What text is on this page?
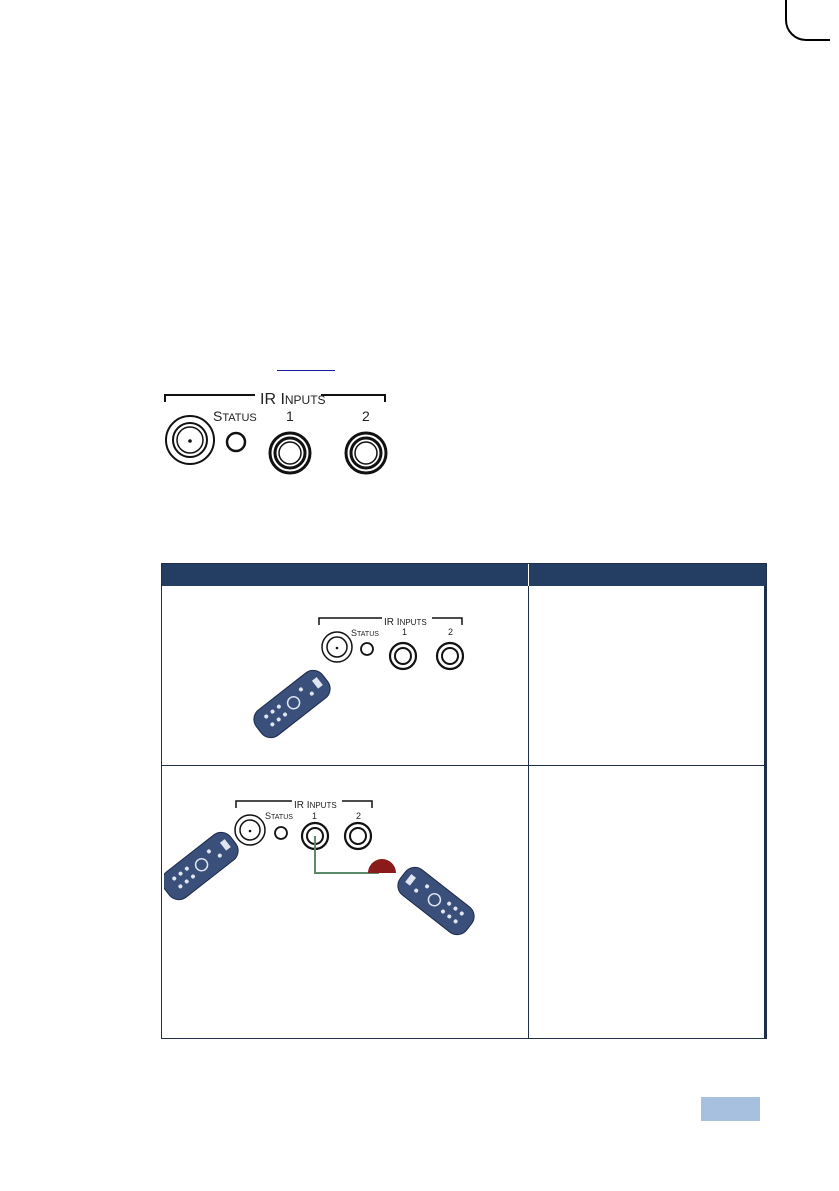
IR INPUTS
STATUS 1	2
IR INPUTS
STATUS	1	2
IR INPUTS
STATUS 1	2
